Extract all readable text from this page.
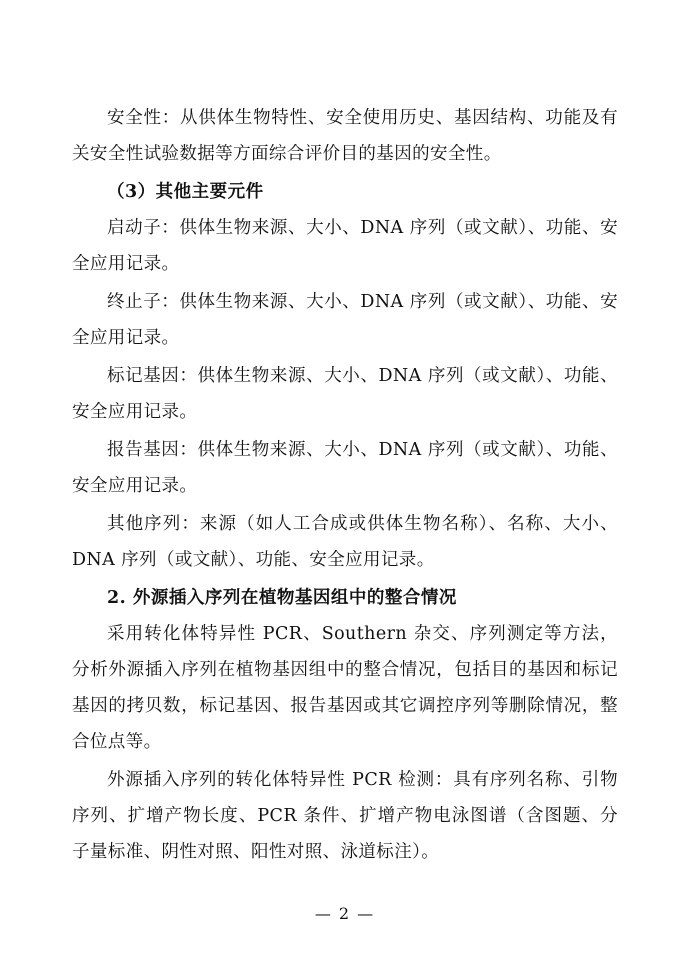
安全性：从供体生物特性、安全使用历史、基因结构、功能及有关安全性试验数据等方面综合评价目的基因的安全性。

（3）其他主要元件

启动子：供体生物来源、大小、DNA 序列（或文献）、功能、安全应用记录。

终止子：供体生物来源、大小、DNA 序列（或文献）、功能、安全应用记录。

标记基因：供体生物来源、大小、DNA 序列（或文献）、功能、安全应用记录。

报告基因：供体生物来源、大小、DNA 序列（或文献）、功能、安全应用记录。

其他序列：来源（如人工合成或供体生物名称）、名称、大小、DNA 序列（或文献）、功能、安全应用记录。

2. 外源插入序列在植物基因组中的整合情况

采用转化体特异性 PCR、Southern 杂交、序列测定等方法，分析外源插入序列在植物基因组中的整合情况，包括目的基因和标记基因的拷贝数，标记基因、报告基因或其它调控序列等删除情况，整合位点等。

外源插入序列的转化体特异性 PCR 检测：具有序列名称、引物序列、扩增产物长度、PCR 条件、扩增产物电泳图谱（含图题、分子量标准、阴性对照、阳性对照、泳道标注）。

— 2 —
